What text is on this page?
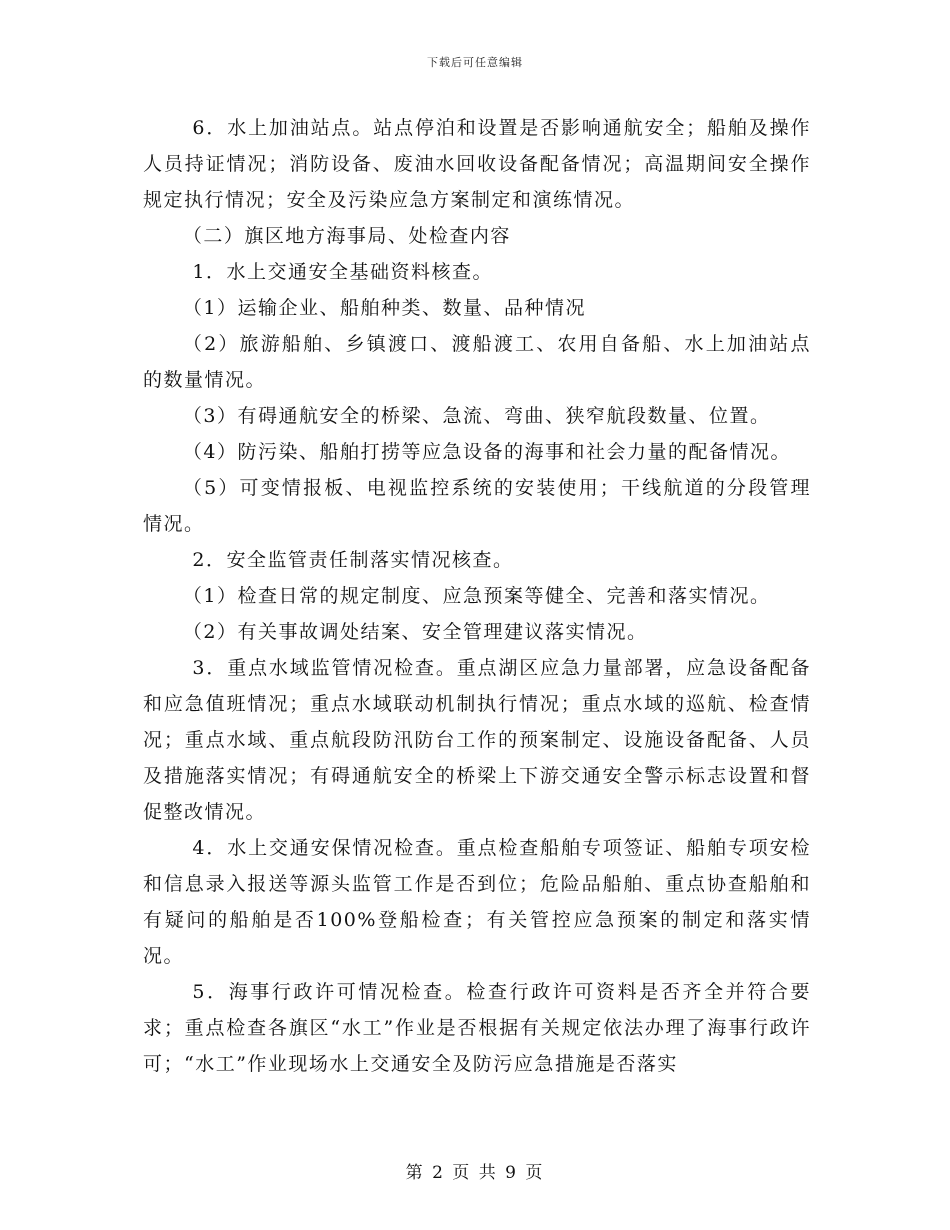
下载后可任意编辑

6．水上加油站点。站点停泊和设置是否影响通航安全；船舶及操作人员持证情况；消防设备、废油水回收设备配备情况；高温期间安全操作规定执行情况；安全及污染应急方案制定和演练情况。

（二）旗区地方海事局、处检查内容

1．水上交通安全基础资料核查。

（1）运输企业、船舶种类、数量、品种情况

（2）旅游船舶、乡镇渡口、渡船渡工、农用自备船、水上加油站点的数量情况。

（3）有碍通航安全的桥梁、急流、弯曲、狭窄航段数量、位置。

（4）防污染、船舶打捞等应急设备的海事和社会力量的配备情况。

（5）可变情报板、电视监控系统的安装使用；干线航道的分段管理情况。

2．安全监管责任制落实情况核查。

（1）检查日常的规定制度、应急预案等健全、完善和落实情况。

（2）有关事故调处结案、安全管理建议落实情况。

3．重点水域监管情况检查。重点湖区应急力量部署，应急设备配备和应急值班情况；重点水域联动机制执行情况；重点水域的巡航、检查情况；重点水域、重点航段防汛防台工作的预案制定、设施设备配备、人员及措施落实情况；有碍通航安全的桥梁上下游交通安全警示标志设置和督促整改情况。

4．水上交通安保情况检查。重点检查船舶专项签证、船舶专项安检和信息录入报送等源头监管工作是否到位；危险品船舶、重点协查船舶和有疑问的船舶是否100%登船检查；有关管控应急预案的制定和落实情况。

5．海事行政许可情况检查。检查行政许可资料是否齐全并符合要求；重点检查各旗区“水工”作业是否根据有关规定依法办理了海事行政许可；“水工”作业现场水上交通安全及防污应急措施是否落实

第 2 页 共 9 页
